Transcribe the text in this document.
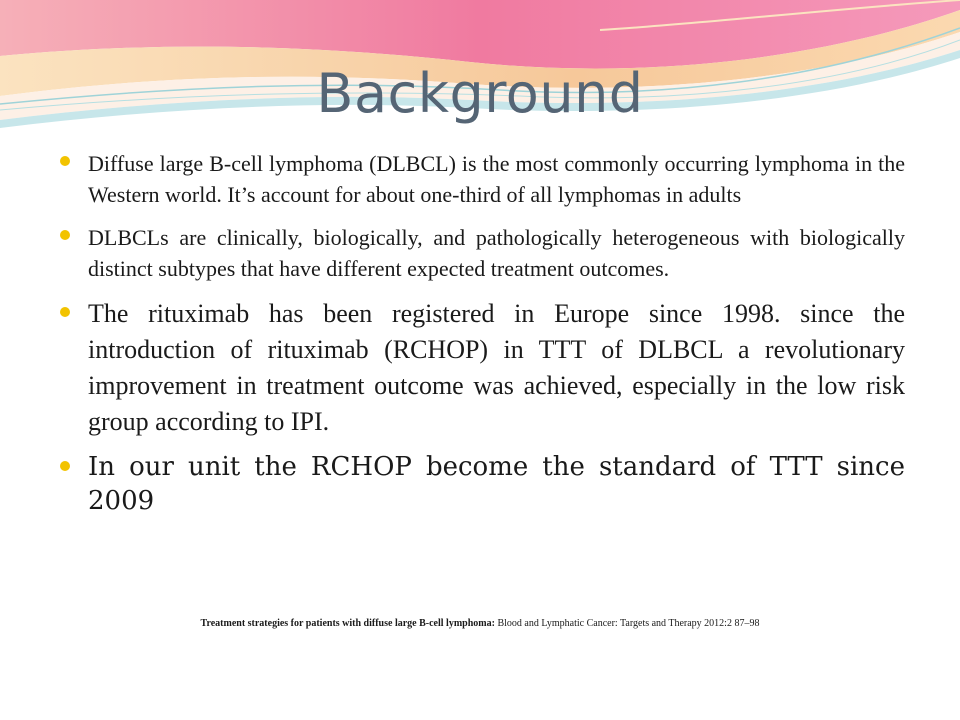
Background
Diffuse large B-cell lymphoma (DLBCL) is the most commonly occurring lymphoma in the Western world. It’s account for about one-third of all lymphomas in adults
DLBCLs are clinically, biologically, and pathologically heterogeneous with biologically distinct subtypes that have different expected treatment outcomes.
The rituximab has been registered in Europe since 1998. since the introduction of rituximab (RCHOP) in TTT of DLBCL a revolutionary improvement in treatment outcome was achieved, especially in the low risk group according to IPI.
In our unit the RCHOP become the standard of TTT since 2009
Treatment strategies for patients with diffuse large B-cell lymphoma: Blood and Lymphatic Cancer: Targets and Therapy 2012:2 87–98
